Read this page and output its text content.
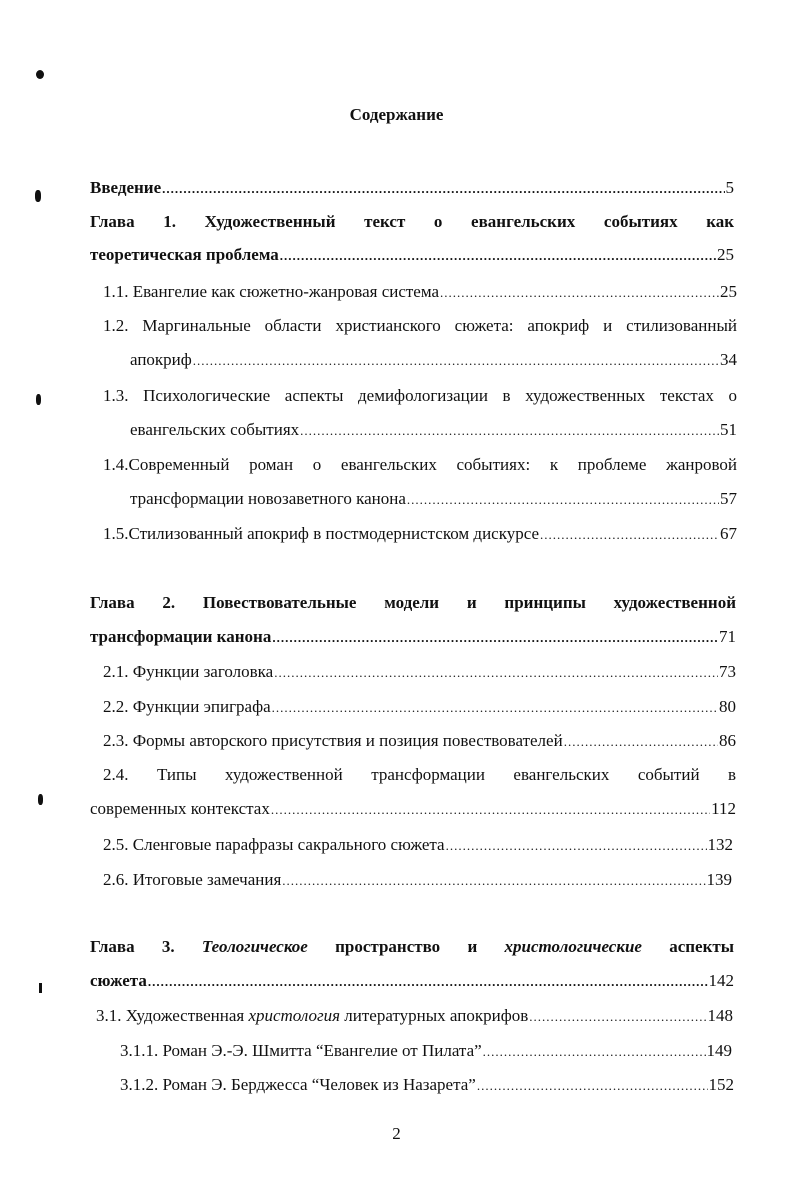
Содержание
Введение .....	5
Глава 1. Художественный текст о евангельских событиях как
теоретическая проблема .....	25
1.1. Евангелие как сюжетно-жанровая система .....	25
1.2. Маргинальные области христианского сюжета: апокриф и стилизованный
апокриф .....	34
1.3. Психологические аспекты демифологизации в художественных текстах о
евангельских событиях .....	51
1.4.Современный роман о евангельских событиях: к проблеме жанровой
трансформации новозаветного канона .....	57
1.5.Стилизованный апокриф в постмодернистском дискурсе .....	67
Глава 2. Повествовательные модели и принципы художественной
трансформации канона .....	71
2.1. Функции заголовка .....	73
2.2. Функции эпиграфа .....	80
2.3. Формы авторского присутствия и позиция повествователей .....	86
2.4. Типы художественной трансформации евангельских событий в
современных контекстах .....	112
2.5. Сленговые парафразы сакрального сюжета .....	132
2.6. Итоговые замечания .....	139
Глава 3. Теологическое пространство и христологические аспекты
сюжета .....	142
3.1. Художественная христология литературных апокрифов .....	148
3.1.1. Роман Э.-Э. Шмитта “Евангелие от Пилата” .....	149
3.1.2. Роман Э. Берджесса “Человек из Назарета” .....	152
2
